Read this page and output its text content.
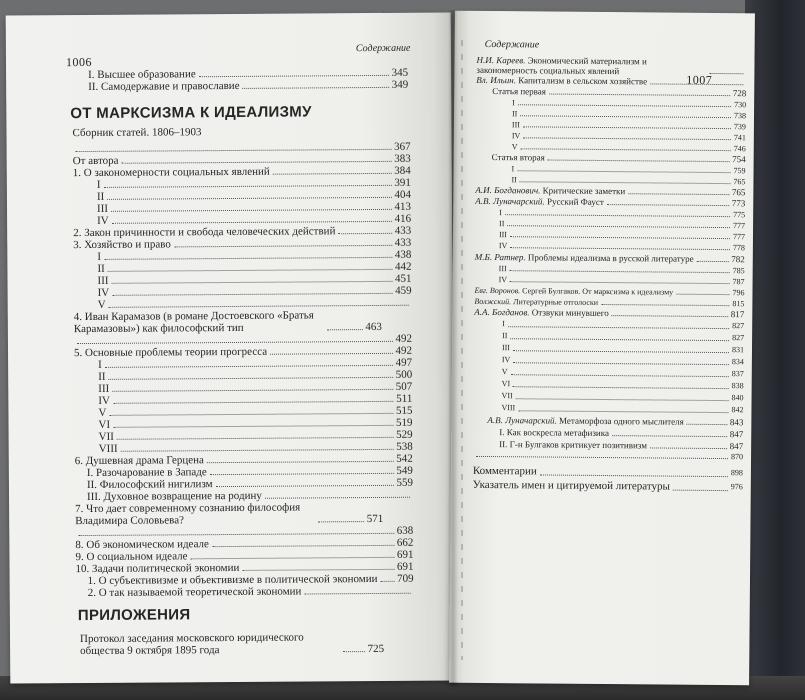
1006
Содержание
I. Высшее образование	345
II. Самодержавие и православие	349
ОТ МАРКСИЗМА К ИДЕАЛИЗМУ
Сборник статей. 1806–1903
367
От автора	383
1. О закономерности социальных явлений	384
I	391
II	404
III	413
IV	416
2. Закон причинности и свобода человеческих действий	433
3. Хозяйство и право	433
I	438
II	442
III	451
IV	459
V
4. Иван Карамазов (в романе Достоевского «Братья Карамазовы») как философский тип	463
492
5. Основные проблемы теории прогресса	492
I	497
II	500
III	507
IV	511
V	515
VI	519
VII	529
VIII	538
6. Душевная драма Герцена	542
I. Разочарование в Западе	549
II. Философский нигилизм	559
III. Духовное возвращение на родину
7. Что дает современному сознанию философия Владимира Соловьева?	571
638
8. Об экономическом идеале	662
9. О социальном идеале	691
10. Задачи политической экономии	691
1. О субъективизме и объективизме в политической экономии 709
2. О так называемой теоретической экономии
ПРИЛОЖЕНИЯ
Протокол заседания московского юридического общества 9 октября 1895 года	725
Содержание
1007
Н.И. Кареев. Экономический материализм и закономерность социальных явлений
Вл. Ильин. Капитализм в сельском хозяйстве
Статья первая	728
I	730
II	738
III	739
IV	741
V	746
Статья вторая	754
I	759
II	765
А.И. Богданович. Критические заметки	765
А.В. Луначарский. Русский Фауст	773
I	775
II	777
III	777
IV	778
М.Б. Ратнер. Проблемы идеализма в русской литературе	782
III	785
IV	787
Евг. Воронов. Сергей Булгаков. От марксизма к идеализму	796
Волжский. Литературные отголоски	815
А.А. Богданов. Отзвуки минувшего	817
I	827
II	827
III	831
IV	834
V	837
VI	838
VII	840
VIII	842
А.В. Луначарский. Метаморфоза одного мыслителя	843
I. Как воскресла метафизика	847
II. Г-н Булгаков критикует позитивизм	847
870
Комментарии	898
Указатель имен и цитируемой литературы	976
